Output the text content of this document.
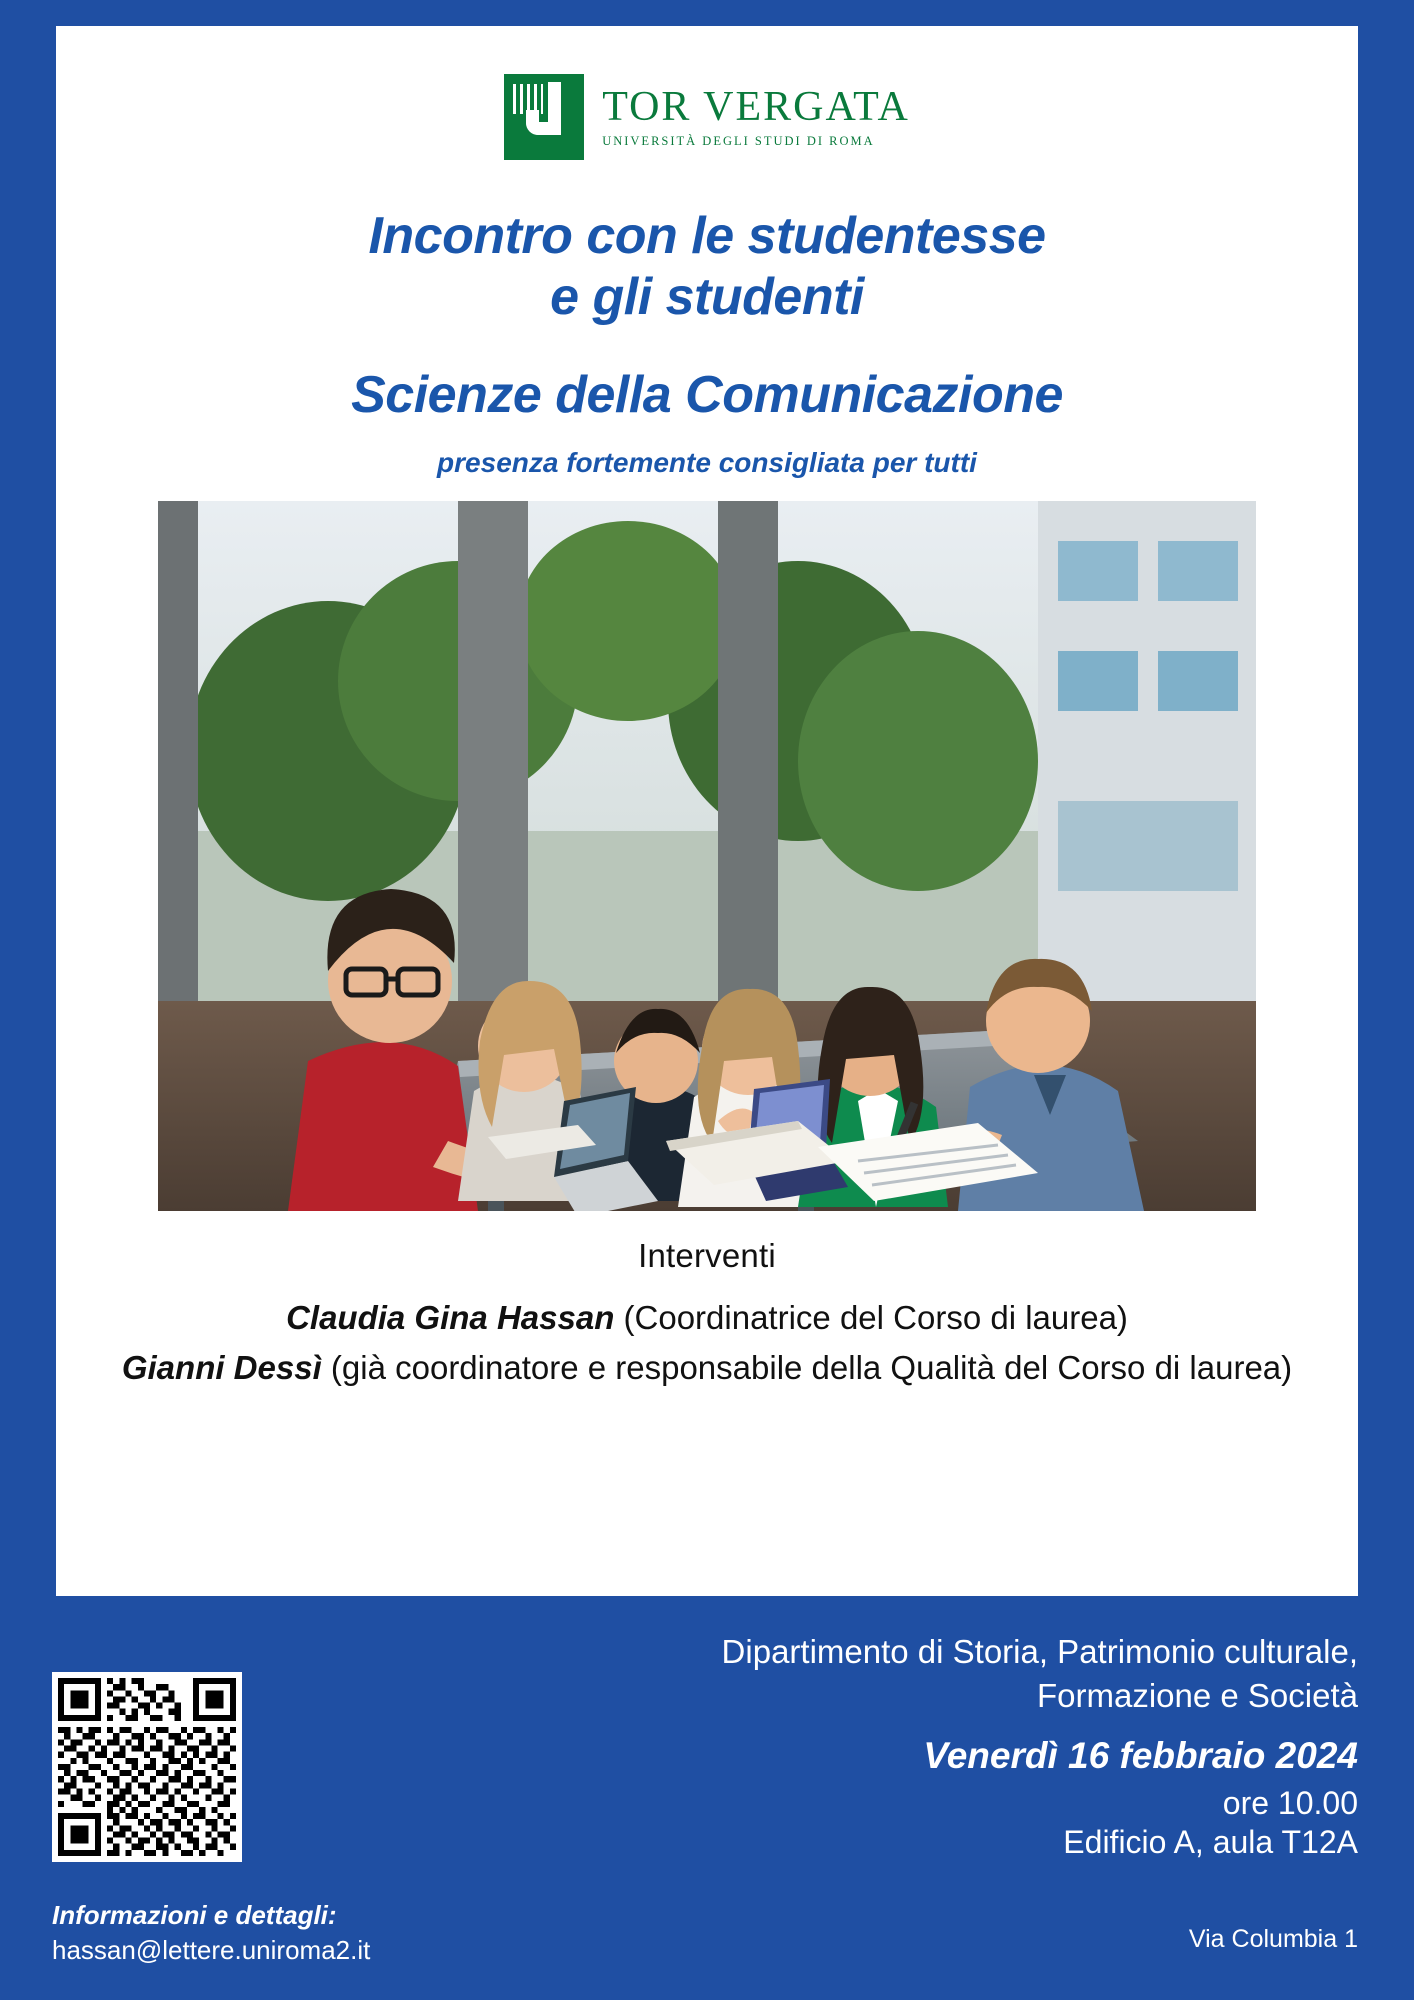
TOR VERGATA
UNIVERSITÀ DEGLI STUDI DI ROMA
Incontro con le studentesse
e gli studenti
Scienze della Comunicazione
presenza fortemente consigliata per tutti
Interventi
Claudia Gina Hassan (Coordinatrice del Corso di laurea)
Gianni Dessì (già coordinatore e responsabile della Qualità del Corso di laurea)
Dipartimento di Storia, Patrimonio culturale,
Formazione e Società
Venerdì 16 febbraio 2024
ore 10.00
Edificio A, aula T12A
Via Columbia 1
Informazioni e dettagli:
hassan@lettere.uniroma2.it
